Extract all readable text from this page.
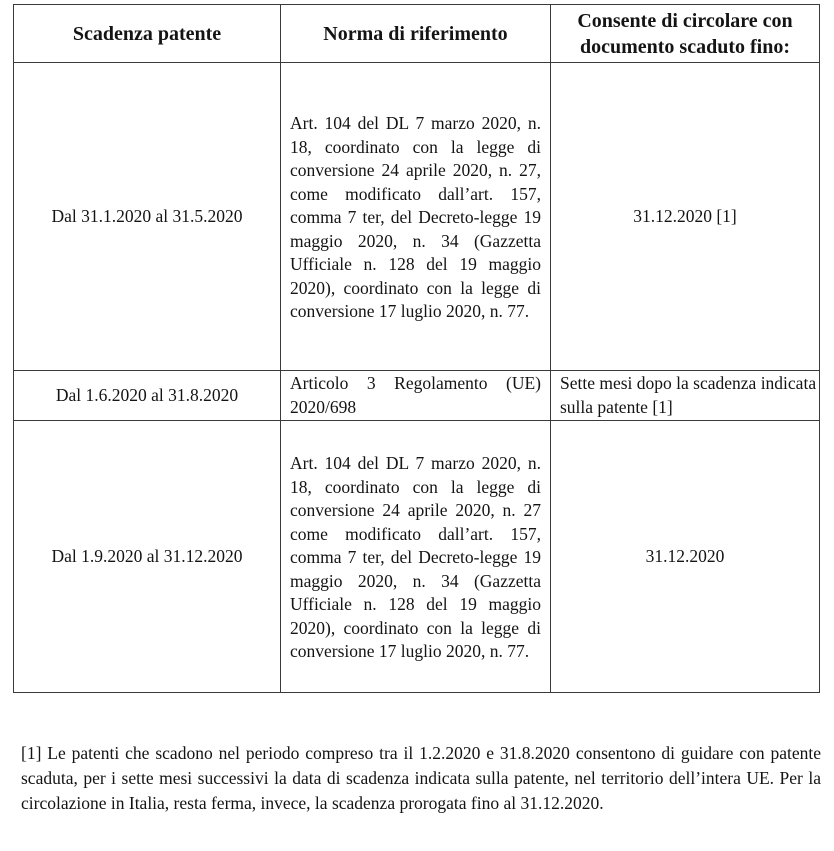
Scadenza patente	Norma di riferimento	Consente di circolare con documento scaduto fino:
Dal 31.1.2020 al 31.5.2020	Art. 104 del DL 7 marzo 2020, n. 18, coordinato con la legge di conversione 24 aprile 2020, n. 27, come modificato dall’art. 157, comma 7 ter, del Decreto-legge 19 maggio 2020, n. 34 (Gazzetta Ufficiale n. 128 del 19 maggio 2020), coordinato con la legge di conversione 17 luglio 2020, n. 77.	31.12.2020 [1]
Dal 1.6.2020 al 31.8.2020	Articolo 3 Regolamento (UE) 2020/698	Sette mesi dopo la scadenza indicata sulla patente [1]
Dal 1.9.2020 al 31.12.2020	Art. 104 del DL 7 marzo 2020, n. 18, coordinato con la legge di conversione 24 aprile 2020, n. 27 come modificato dall’art. 157, comma 7 ter, del Decreto-legge 19 maggio 2020, n. 34 (Gazzetta Ufficiale n. 128 del 19 maggio 2020), coordinato con la legge di conversione 17 luglio 2020, n. 77.	31.12.2020

[1] Le patenti che scadono nel periodo compreso tra il 1.2.2020 e 31.8.2020 consentono di guidare con patente scaduta, per i sette mesi successivi la data di scadenza indicata sulla patente, nel territorio dell’intera UE. Per la circolazione in Italia, resta ferma, invece, la scadenza prorogata fino al 31.12.2020.
